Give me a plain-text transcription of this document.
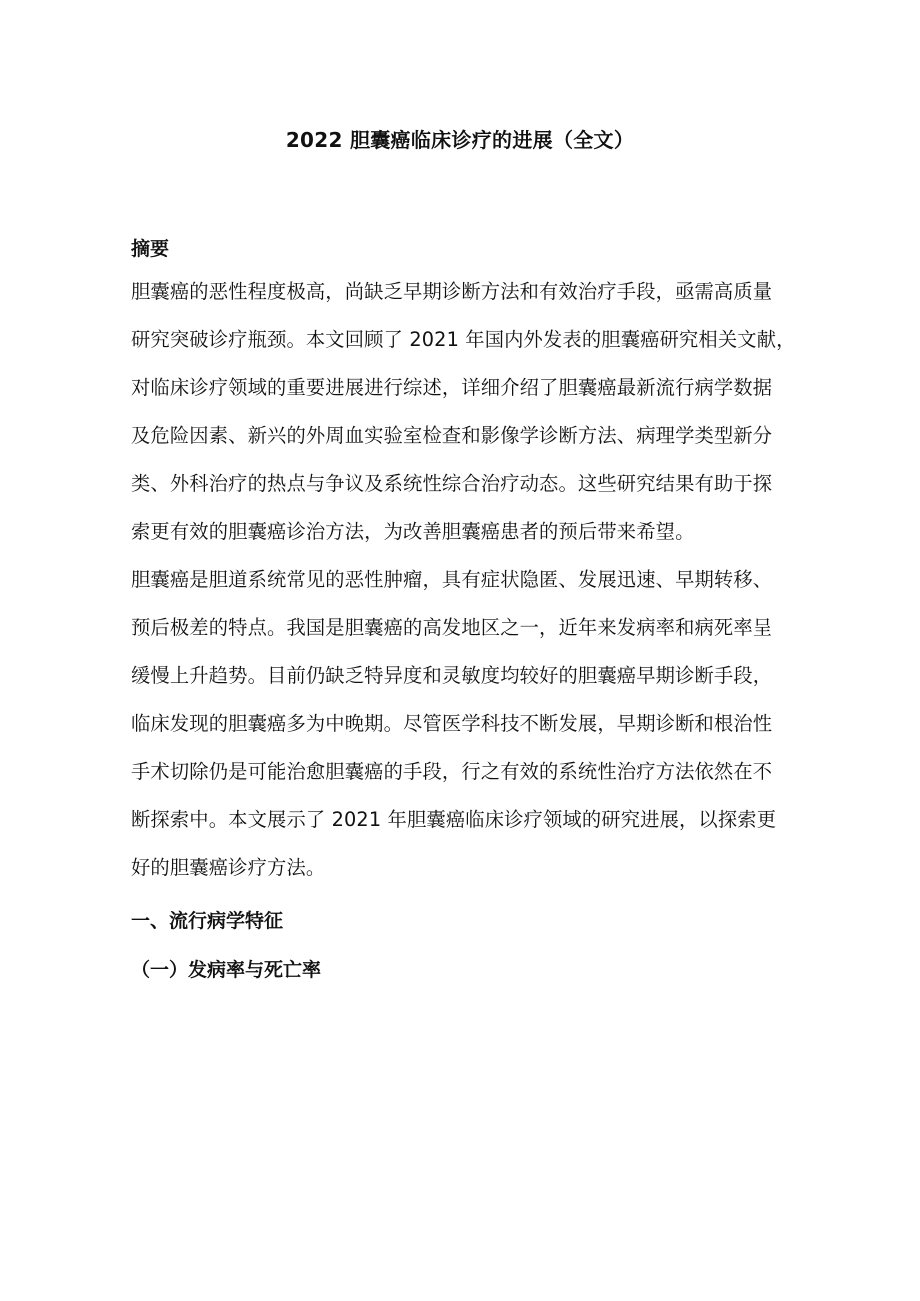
2022 胆囊癌临床诊疗的进展（全文）
摘要
胆囊癌的恶性程度极高，尚缺乏早期诊断方法和有效治疗手段，亟需高质量
研究突破诊疗瓶颈。本文回顾了 2021 年国内外发表的胆囊癌研究相关文献，
对临床诊疗领域的重要进展进行综述，详细介绍了胆囊癌最新流行病学数据
及危险因素、新兴的外周血实验室检查和影像学诊断方法、病理学类型新分
类、外科治疗的热点与争议及系统性综合治疗动态。这些研究结果有助于探
索更有效的胆囊癌诊治方法，为改善胆囊癌患者的预后带来希望。
胆囊癌是胆道系统常见的恶性肿瘤，具有症状隐匿、发展迅速、早期转移、
预后极差的特点。我国是胆囊癌的高发地区之一，近年来发病率和病死率呈
缓慢上升趋势。目前仍缺乏特异度和灵敏度均较好的胆囊癌早期诊断手段，
临床发现的胆囊癌多为中晚期。尽管医学科技不断发展，早期诊断和根治性
手术切除仍是可能治愈胆囊癌的手段，行之有效的系统性治疗方法依然在不
断探索中。本文展示了 2021 年胆囊癌临床诊疗领域的研究进展，以探索更
好的胆囊癌诊疗方法。
一、流行病学特征
（一）发病率与死亡率
